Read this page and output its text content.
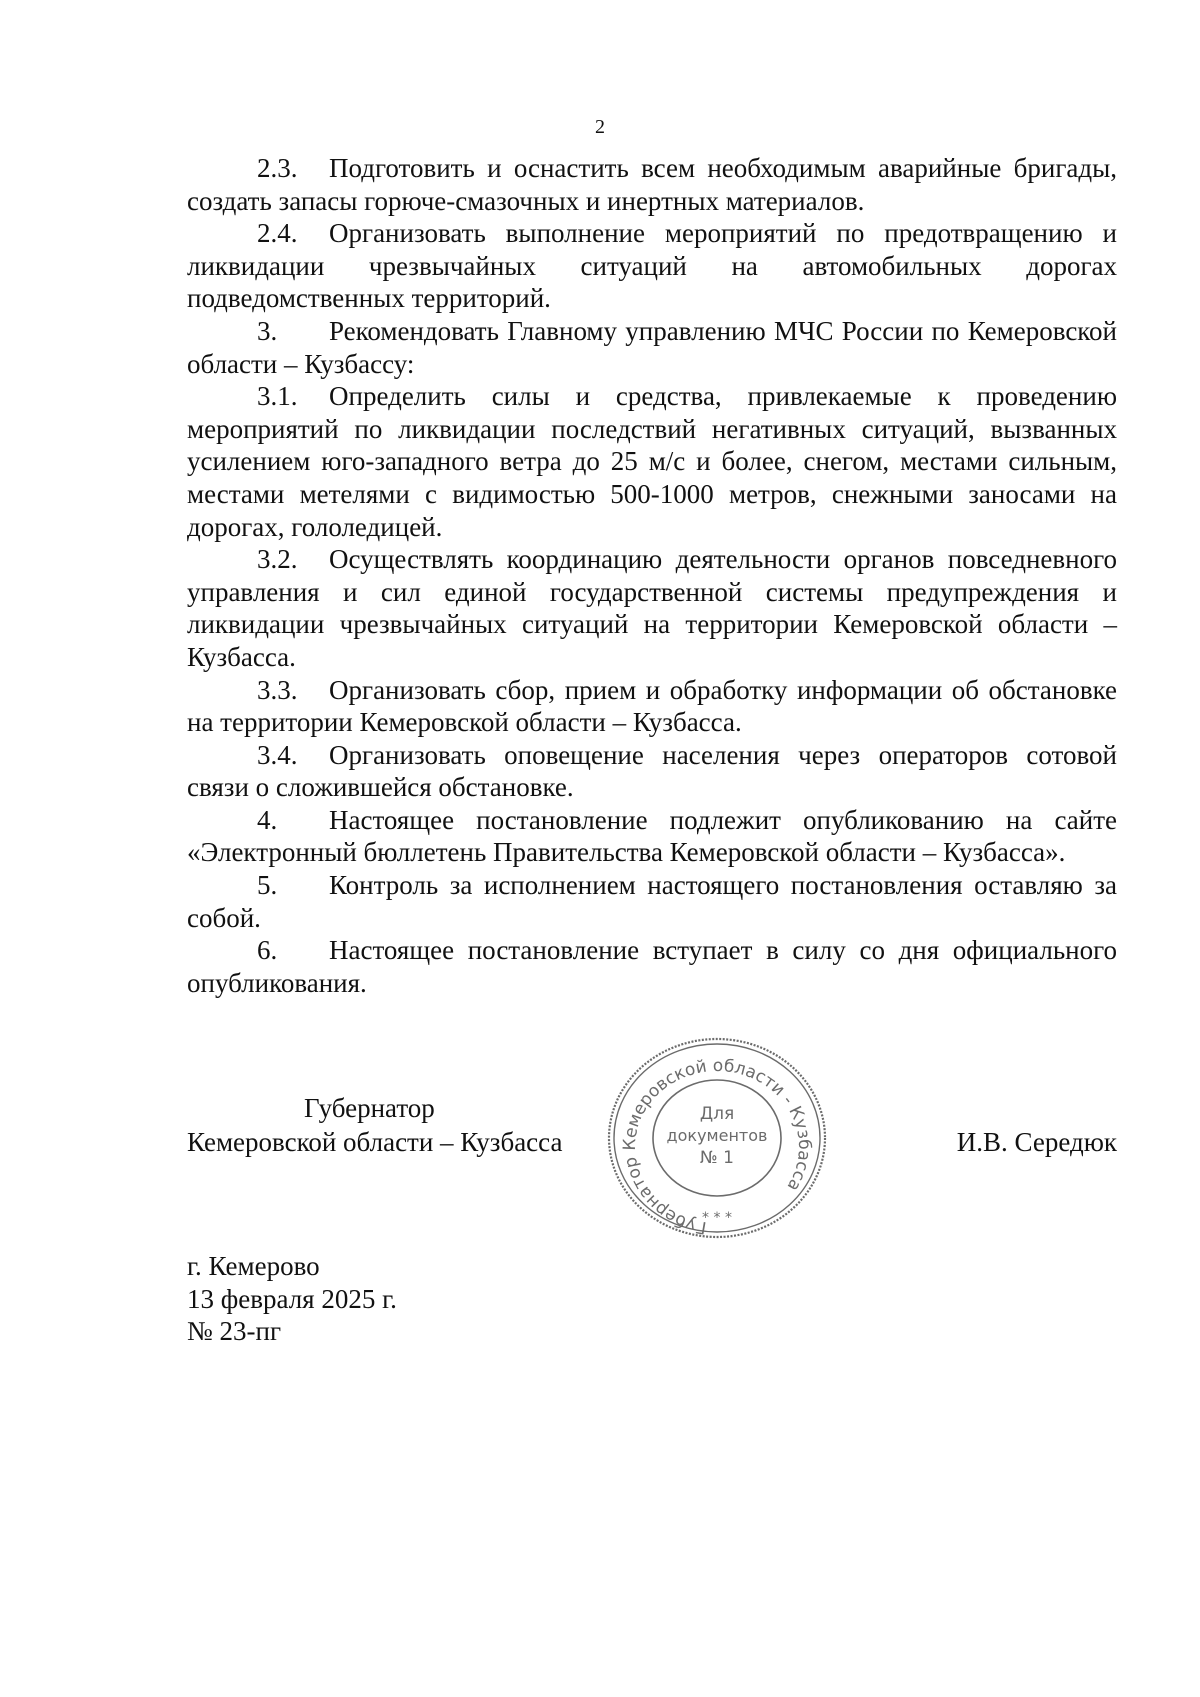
2

2.3. Подготовить и оснастить всем необходимым аварийные бригады, создать запасы горюче-смазочных и инертных материалов.

2.4. Организовать выполнение мероприятий по предотвращению и ликвидации чрезвычайных ситуаций на автомобильных дорогах подведомственных территорий.

3. Рекомендовать Главному управлению МЧС России по Кемеровской области – Кузбассу:

3.1. Определить силы и средства, привлекаемые к проведению мероприятий по ликвидации последствий негативных ситуаций, вызванных усилением юго-западного ветра до 25 м/с и более, снегом, местами сильным, местами метелями с видимостью 500-1000 метров, снежными заносами на дорогах, гололедицей.

3.2. Осуществлять координацию деятельности органов повседневного управления и сил единой государственной системы предупреждения и ликвидации чрезвычайных ситуаций на территории Кемеровской области – Кузбасса.

3.3. Организовать сбор, прием и обработку информации об обстановке на территории Кемеровской области – Кузбасса.

3.4. Организовать оповещение населения через операторов сотовой связи о сложившейся обстановке.

4. Настоящее постановление подлежит опубликованию на сайте «Электронный бюллетень Правительства Кемеровской области – Кузбасса».

5. Контроль за исполнением настоящего постановления оставляю за собой.

6. Настоящее постановление вступает в силу со дня официального опубликования.

Губернатор
Кемеровской области – Кузбасса
Губернатор Кемеровской области - Кузбасса
Для
документов
№ 1
* * *
И.В. Середюк
г. Кемерово
13 февраля 2025 г.
№ 23-пг
